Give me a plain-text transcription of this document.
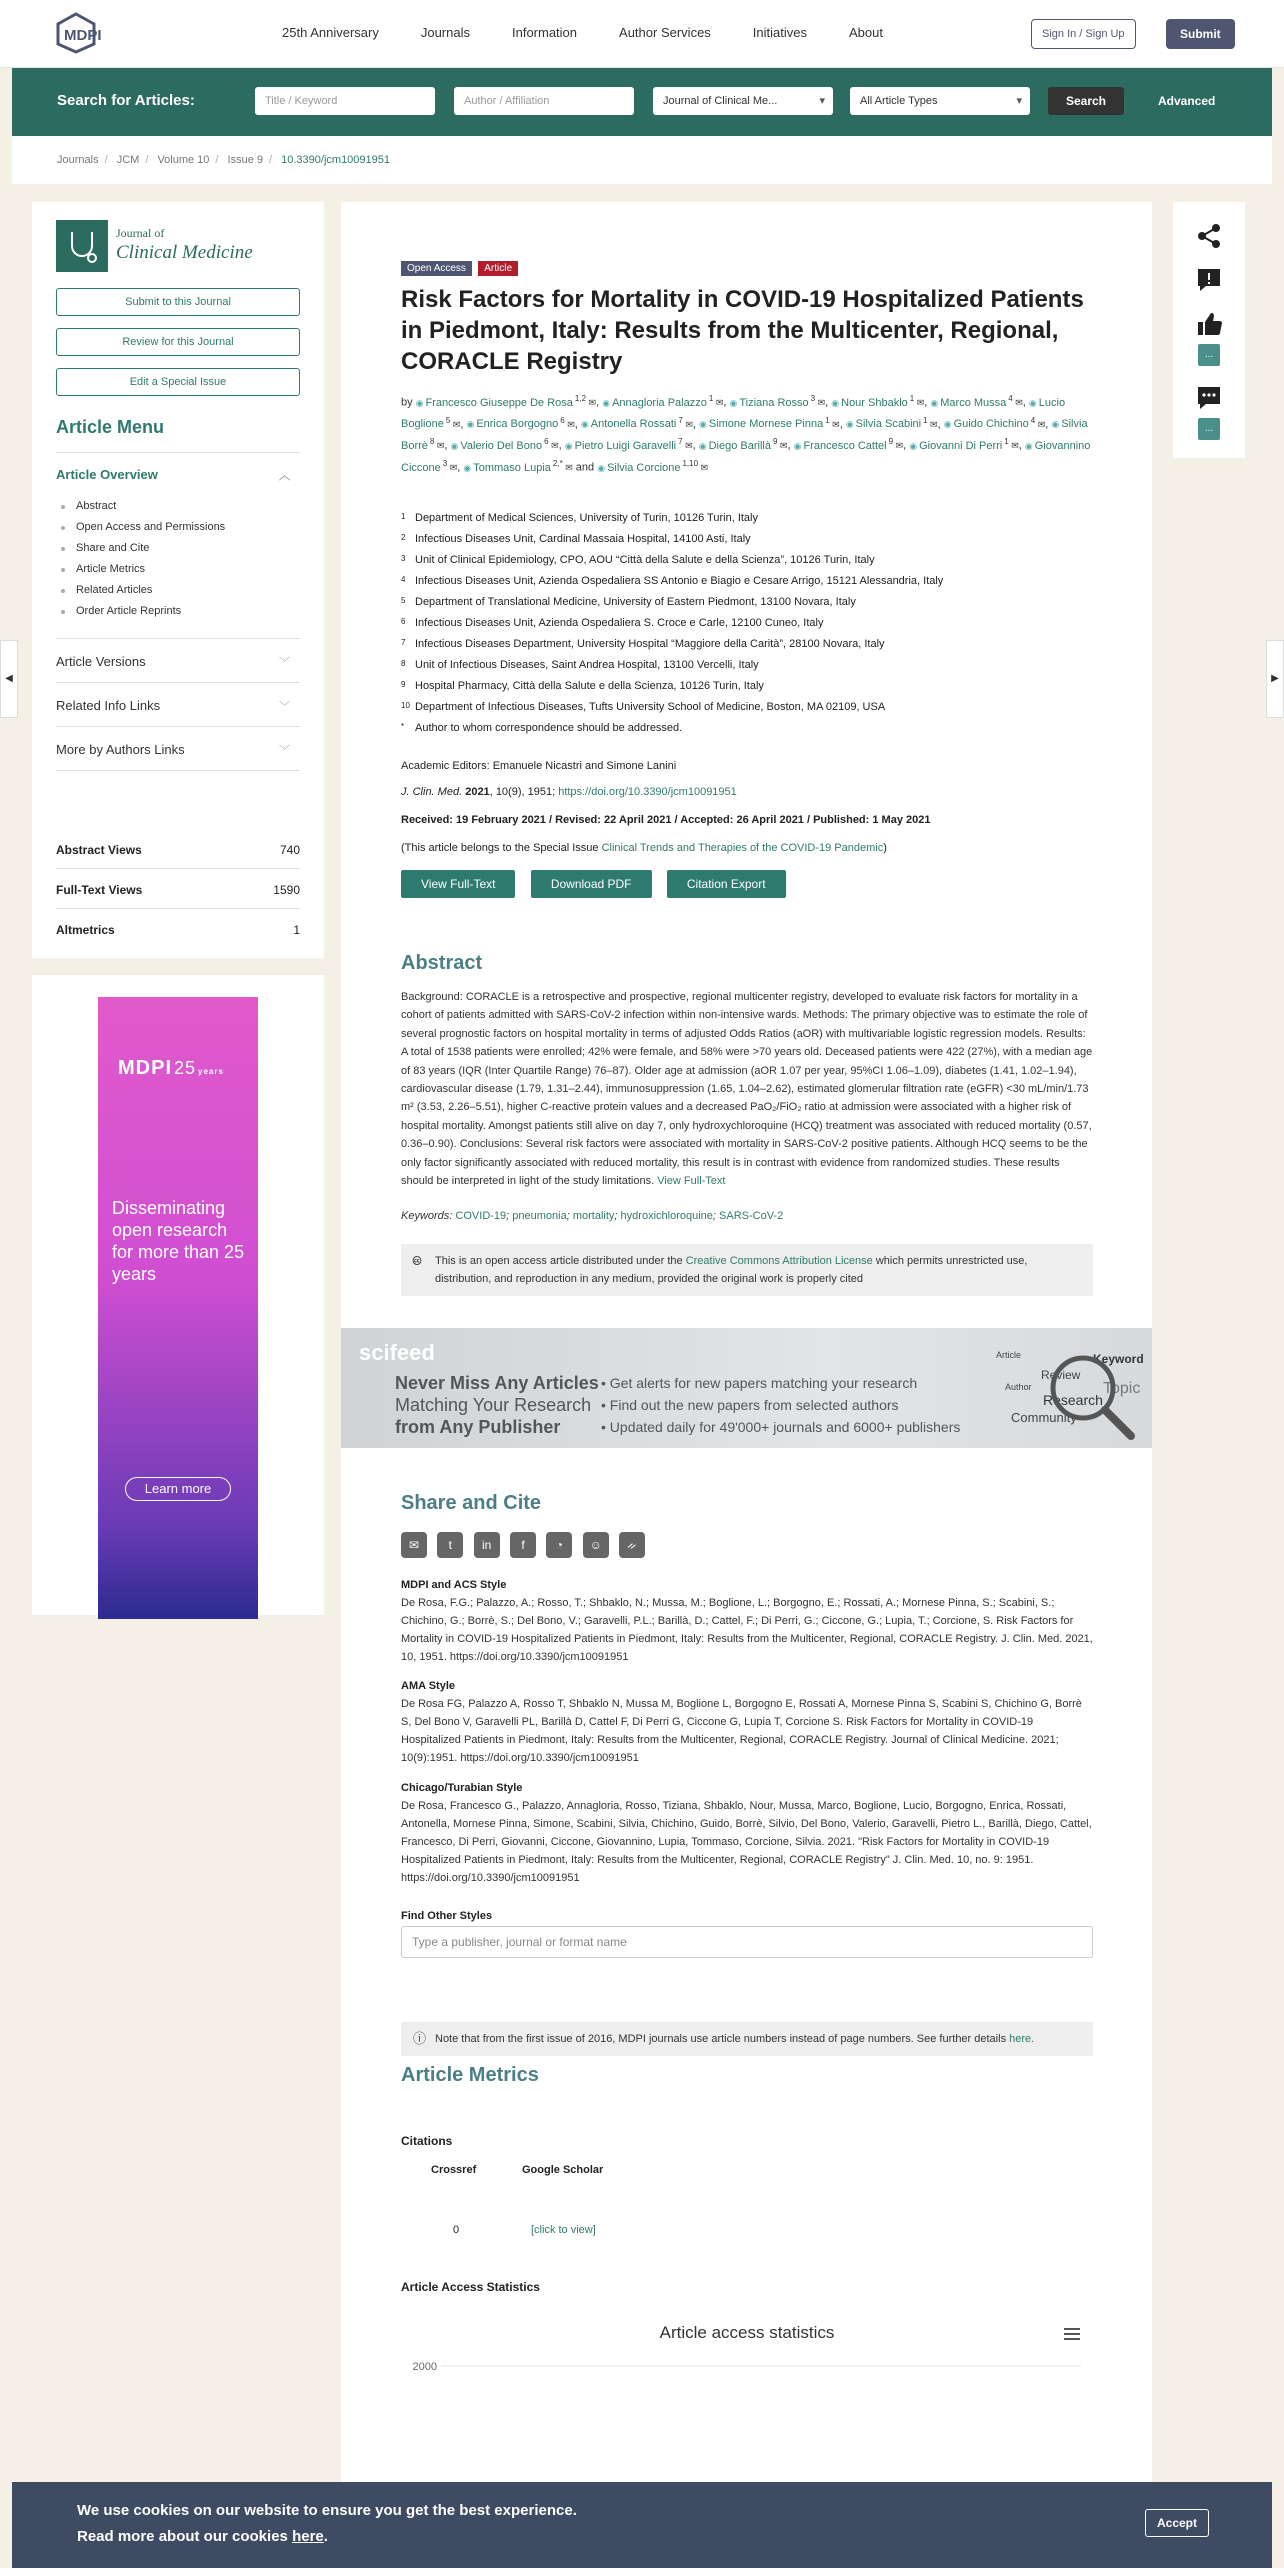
MDPI	25th Anniversary	Journals	Information	Author Services	Initiatives	About	Sign In / Sign Up	Submit
Search for Articles:	Title / Keyword	Author / Affiliation	Journal of Clinical Me... ▾	All Article Types ▾	Search	Advanced
Journals / JCM / Volume 10 / Issue 9 / 10.3390/jcm10091951
◀	▶
Journal of
Clinical Medicine
Submit to this Journal
Review for this Journal
Edit a Special Issue
Article Menu
Article Overview	︿
Abstract
Open Access and Permissions
Share and Cite
Article Metrics
Related Articles
Order Article Reprints
Article Versions	﹀
Related Info Links	﹀
More by Authors Links	﹀
Abstract Views	740
Full-Text Views	1590
Altmetrics	1
MDPI 25 years
Disseminating open research for more than 25 years
Learn more
...
...
Open Access Article
Risk Factors for Mortality in COVID-19 Hospitalized Patients in Piedmont, Italy: Results from the Multicenter, Regional, CORACLE Registry
by ◉ Francesco Giuseppe De Rosa $^{1,2}$ ✉, ◉ Annagloria Palazzo $^1$ ✉, ◉ Tiziana Rosso $^3$ ✉, ◉ Nour Shbaklo $^1$ ✉, ◉ Marco Mussa $^4$ ✉, ◉ Lucio Boglione $^5$ ✉, ◉ Enrica Borgogno $^6$ ✉, ◉ Antonella Rossati $^7$ ✉, ◉ Simone Mornese Pinna $^1$ ✉, ◉ Silvia Scabini $^1$ ✉, ◉ Guido Chichino $^4$ ✉, ◉ Silvia Borrè $^8$ ✉, ◉ Valerio Del Bono $^6$ ✉, ◉ Pietro Luigi Garavelli $^7$ ✉, ◉ Diego Barillà $^9$ ✉, ◉ Francesco Cattel $^9$ ✉, ◉ Giovanni Di Perri $^1$ ✉, ◉ Giovannino Ciccone $^3$ ✉, ◉ Tommaso Lupia $^{2,*}$ ✉ and ◉ Silvia Corcione $^{1,10}$ ✉
1 Department of Medical Sciences, University of Turin, 10126 Turin, Italy
2 Infectious Diseases Unit, Cardinal Massaia Hospital, 14100 Asti, Italy
3 Unit of Clinical Epidemiology, CPO, AOU “Città della Salute e della Scienza”, 10126 Turin, Italy
4 Infectious Diseases Unit, Azienda Ospedaliera SS Antonio e Biagio e Cesare Arrigo, 15121 Alessandria, Italy
5 Department of Translational Medicine, University of Eastern Piedmont, 13100 Novara, Italy
6 Infectious Diseases Unit, Azienda Ospedaliera S. Croce e Carle, 12100 Cuneo, Italy
7 Infectious Diseases Department, University Hospital “Maggiore della Carità”, 28100 Novara, Italy
8 Unit of Infectious Diseases, Saint Andrea Hospital, 13100 Vercelli, Italy
9 Hospital Pharmacy, Città della Salute e della Scienza, 10126 Turin, Italy
10 Department of Infectious Diseases, Tufts University School of Medicine, Boston, MA 02109, USA
* Author to whom correspondence should be addressed.
Academic Editors: Emanuele Nicastri and Simone Lanini
J. Clin. Med. 2021, 10(9), 1951; https://doi.org/10.3390/jcm10091951
Received: 19 February 2021 / Revised: 22 April 2021 / Accepted: 26 April 2021 / Published: 1 May 2021
(This article belongs to the Special Issue Clinical Trends and Therapies of the COVID-19 Pandemic)
View Full-Text	Download PDF	Citation Export
Abstract
Background: CORACLE is a retrospective and prospective, regional multicenter registry, developed to evaluate risk factors for mortality in a cohort of patients admitted with SARS-CoV-2 infection within non-intensive wards. Methods: The primary objective was to estimate the role of several prognostic factors on hospital mortality in terms of adjusted Odds Ratios (aOR) with multivariable logistic regression models. Results: A total of 1538 patients were enrolled; 42% were female, and 58% were >70 years old. Deceased patients were 422 (27%), with a median age of 83 years (IQR (Inter Quartile Range) 76–87). Older age at admission (aOR 1.07 per year, 95%CI 1.06–1.09), diabetes (1.41, 1.02–1.94), cardiovascular disease (1.79, 1.31–2.44), immunosuppression (1.65, 1.04–2.62), estimated glomerular filtration rate (eGFR) <30 mL/min/1.73 m² (3.53, 2.26–5.51), higher C-reactive protein values and a decreased PaO₂/FiO₂ ratio at admission were associated with a higher risk of hospital mortality. Amongst patients still alive on day 7, only hydroxychloroquine (HCQ) treatment was associated with reduced mortality (0.57, 0.36–0.90). Conclusions: Several risk factors were associated with mortality in SARS-CoV-2 positive patients. Although HCQ seems to be the only factor significantly associated with reduced mortality, this result is in contrast with evidence from randomized studies. These results should be interpreted in light of the study limitations. View Full-Text
Keywords: COVID-19; pneumonia; mortality; hydroxichloroquine; SARS-CoV-2
🅭 This is an open access article distributed under the Creative Commons Attribution License which permits unrestricted use, distribution, and reproduction in any medium, provided the original work is properly cited
scifeed
Never Miss Any Articles
Matching Your Research
from Any Publisher
• Get alerts for new papers matching your research
• Find out the new papers from selected authors
• Updated daily for 49'000+ journals and 6000+ publishers
Article	Keyword
Review
Topic
Author
Research
Community
Share and Cite
✉ t	in	f	◔ ☺ ᨀ
MDPI and ACS Style
De Rosa, F.G.; Palazzo, A.; Rosso, T.; Shbaklo, N.; Mussa, M.; Boglione, L.; Borgogno, E.; Rossati, A.; Mornese Pinna, S.; Scabini, S.; Chichino, G.; Borrè, S.; Del Bono, V.; Garavelli, P.L.; Barillà, D.; Cattel, F.; Di Perri, G.; Ciccone, G.; Lupia, T.; Corcione, S. Risk Factors for Mortality in COVID-19 Hospitalized Patients in Piedmont, Italy: Results from the Multicenter, Regional, CORACLE Registry. J. Clin. Med. 2021, 10, 1951. https://doi.org/10.3390/jcm10091951
AMA Style
De Rosa FG, Palazzo A, Rosso T, Shbaklo N, Mussa M, Boglione L, Borgogno E, Rossati A, Mornese Pinna S, Scabini S, Chichino G, Borrè S, Del Bono V, Garavelli PL, Barillà D, Cattel F, Di Perri G, Ciccone G, Lupia T, Corcione S. Risk Factors for Mortality in COVID-19 Hospitalized Patients in Piedmont, Italy: Results from the Multicenter, Regional, CORACLE Registry. Journal of Clinical Medicine. 2021; 10(9):1951. https://doi.org/10.3390/jcm10091951
Chicago/Turabian Style
De Rosa, Francesco G., Palazzo, Annagloria, Rosso, Tiziana, Shbaklo, Nour, Mussa, Marco, Boglione, Lucio, Borgogno, Enrica, Rossati, Antonella, Mornese Pinna, Simone, Scabini, Silvia, Chichino, Guido, Borrè, Silvio, Del Bono, Valerio, Garavelli, Pietro L., Barillà, Diego, Cattel, Francesco, Di Perri, Giovanni, Ciccone, Giovannino, Lupia, Tommaso, Corcione, Silvia. 2021. "Risk Factors for Mortality in COVID-19 Hospitalized Patients in Piedmont, Italy: Results from the Multicenter, Regional, CORACLE Registry" J. Clin. Med. 10, no. 9: 1951. https://doi.org/10.3390/jcm10091951
Find Other Styles
Type a publisher, journal or format name
ⓘ Note that from the first issue of 2016, MDPI journals use article numbers instead of page numbers. See further details here.
Article Metrics
Citations
Crossref	Google Scholar
0	[click to view]
Article Access Statistics
Article access statistics
2000
We use cookies on our website to ensure you get the best experience.
Read more about our cookies here.
Accept
